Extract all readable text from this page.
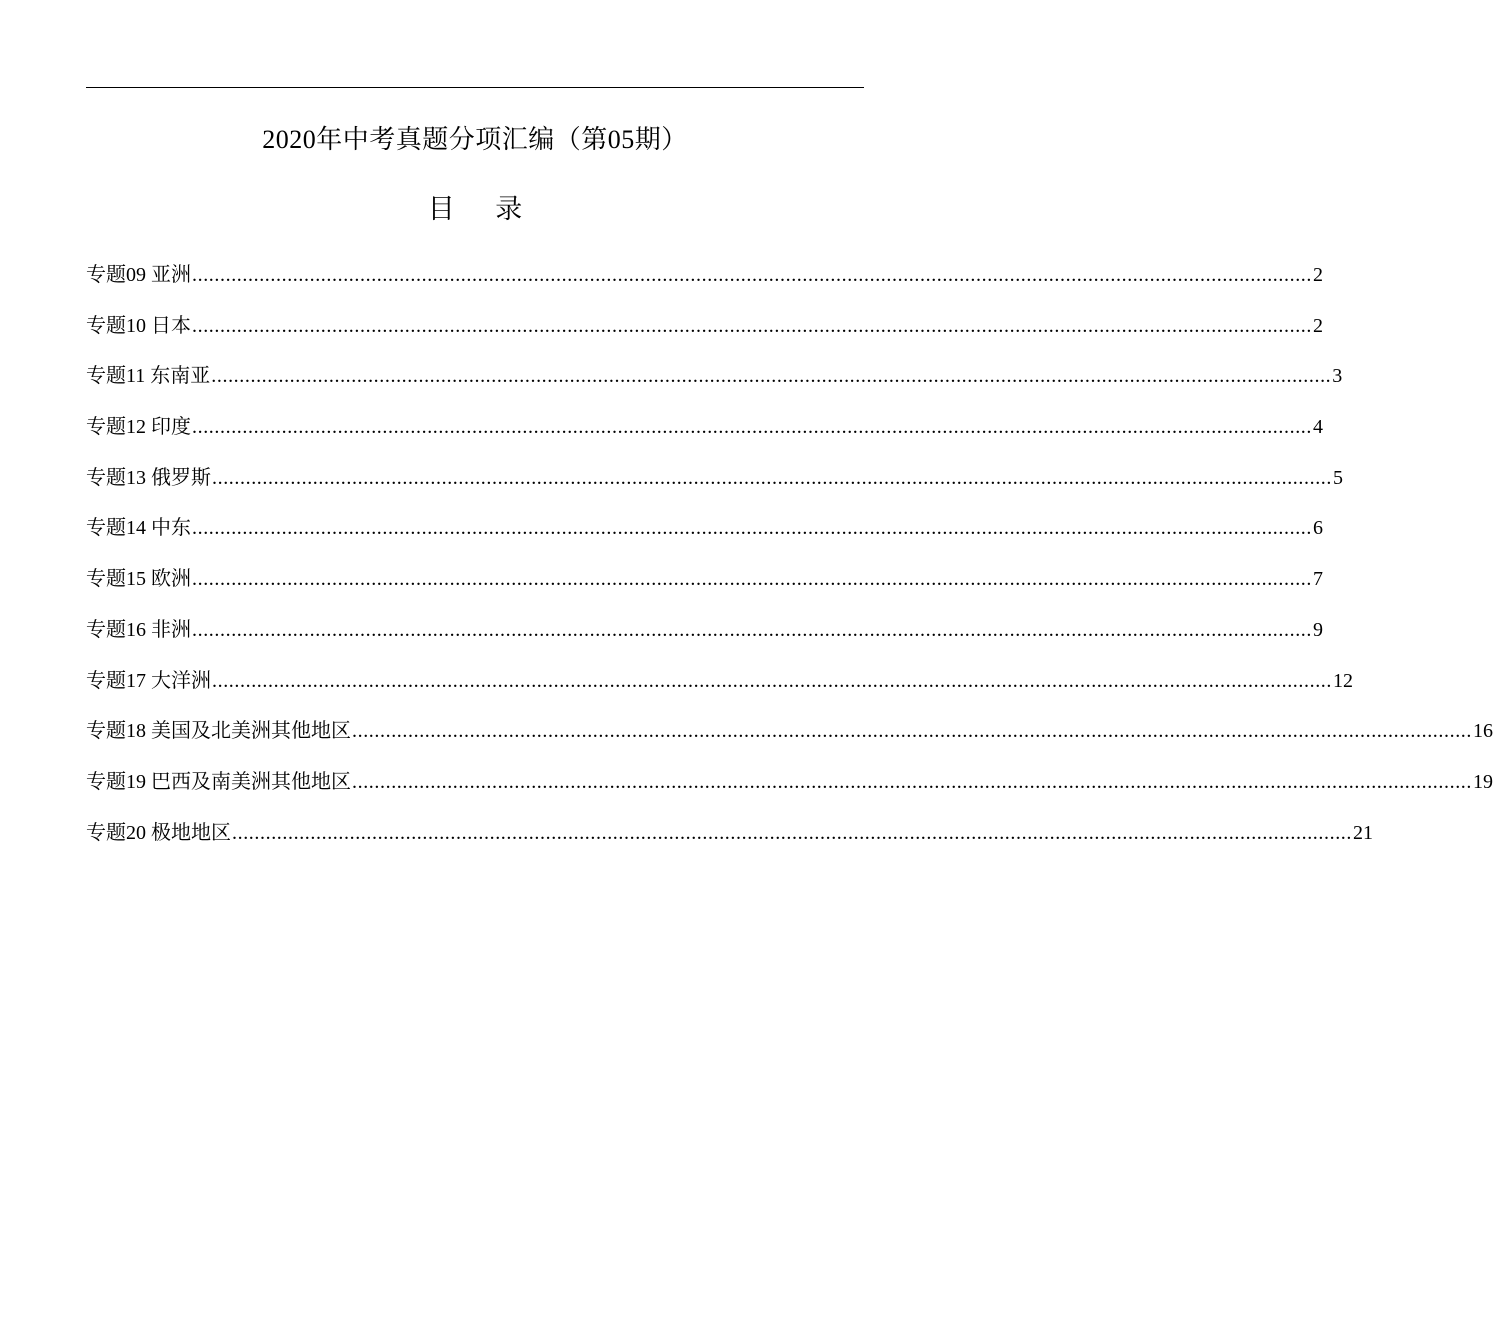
2020年中考真题分项汇编（第05期）
目 录
专题09 亚洲 ........................................................................................................................................................................................................ 2
专题10 日本 ........................................................................................................................................................................................................ 2
专题11 东南亚 ........................................................................................................................................................................................................ 3
专题12 印度 ........................................................................................................................................................................................................ 4
专题13 俄罗斯 ........................................................................................................................................................................................................ 5
专题14 中东 ........................................................................................................................................................................................................ 6
专题15 欧洲 ........................................................................................................................................................................................................ 7
专题16 非洲 ........................................................................................................................................................................................................ 9
专题17 大洋洲 ........................................................................................................................................................................................................ 12
专题18 美国及北美洲其他地区 ........................................................................................................................................................................................................ 16
专题19 巴西及南美洲其他地区 ........................................................................................................................................................................................................ 19
专题20 极地地区 ........................................................................................................................................................................................................ 21
